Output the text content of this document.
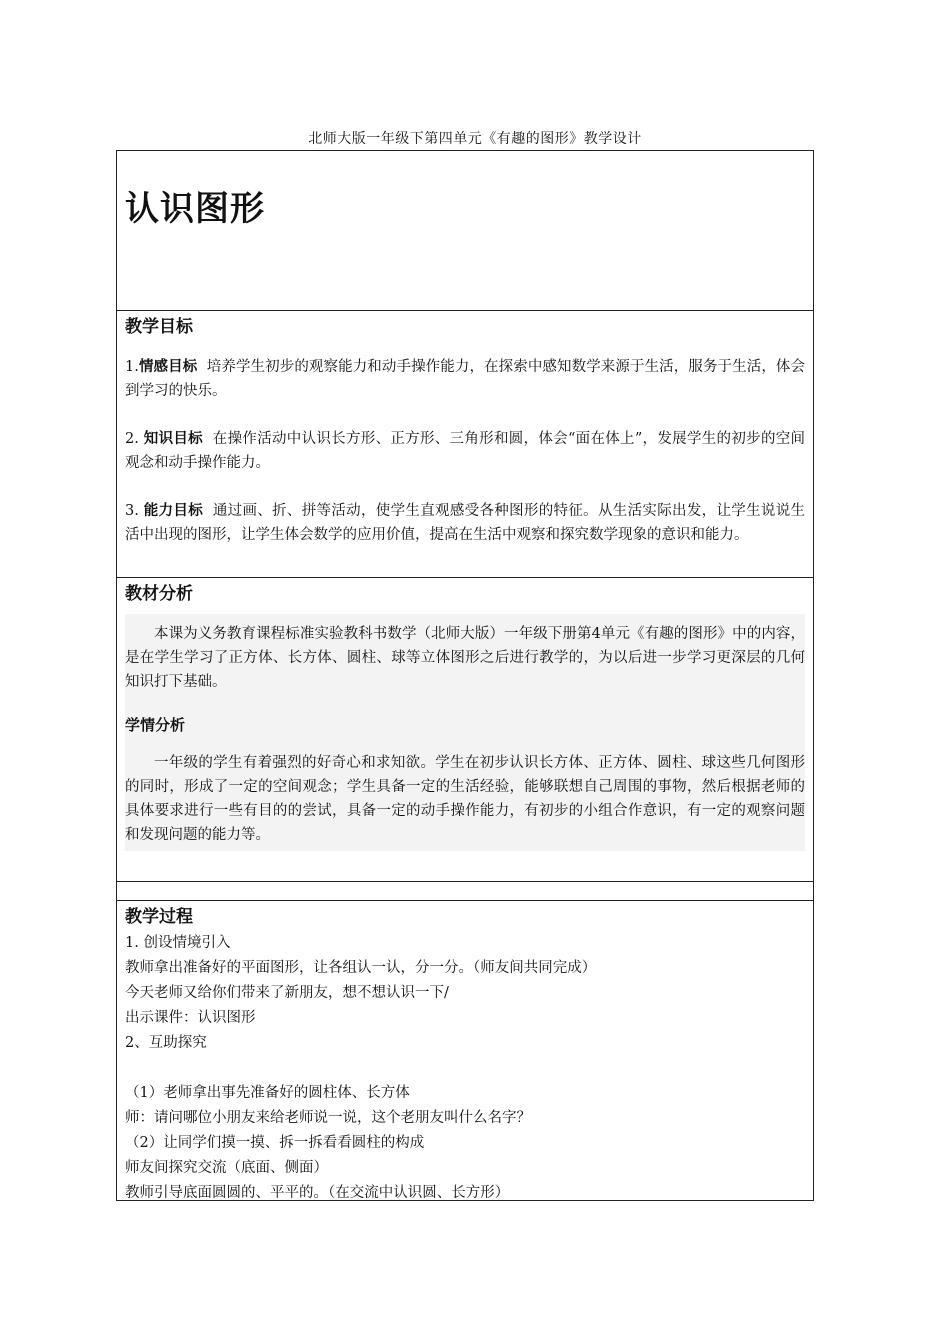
北师大版一年级下第四单元《有趣的图形》教学设计
认识图形
教学目标
1.情感目标 培养学生初步的观察能力和动手操作能力，在探索中感知数学来源于生活，服务于生活，体会到学习的快乐。
2. 知识目标 在操作活动中认识长方形、正方形、三角形和圆，体会“面在体上”，发展学生的初步的空间观念和动手操作能力。
3. 能力目标 通过画、折、拼等活动，使学生直观感受各种图形的特征。从生活实际出发，让学生说说生活中出现的图形，让学生体会数学的应用价值，提高在生活中观察和探究数学现象的意识和能力。
教材分析
本课为义务教育课程标准实验教科书数学（北师大版）一年级下册第4单元《有趣的图形》中的内容，是在学生学习了正方体、长方体、圆柱、球等立体图形之后进行教学的，为以后进一步学习更深层的几何知识打下基础。
学情分析
一年级的学生有着强烈的好奇心和求知欲。学生在初步认识长方体、正方体、圆柱、球这些几何图形的同时，形成了一定的空间观念；学生具备一定的生活经验，能够联想自己周围的事物，然后根据老师的具体要求进行一些有目的的尝试，具备一定的动手操作能力，有初步的小组合作意识，有一定的观察问题和发现问题的能力等。
教学过程
1. 创设情境引入
教师拿出准备好的平面图形，让各组认一认，分一分。（师友间共同完成）
今天老师又给你们带来了新朋友，想不想认识一下/
出示课件：认识图形
2、互助探究
（1）老师拿出事先准备好的圆柱体、长方体
师：请问哪位小朋友来给老师说一说，这个老朋友叫什么名字？
（2）让同学们摸一摸、拆一拆看看圆柱的构成
师友间探究交流（底面、侧面）
教师引导底面圆圆的、平平的。（在交流中认识圆、长方形）
